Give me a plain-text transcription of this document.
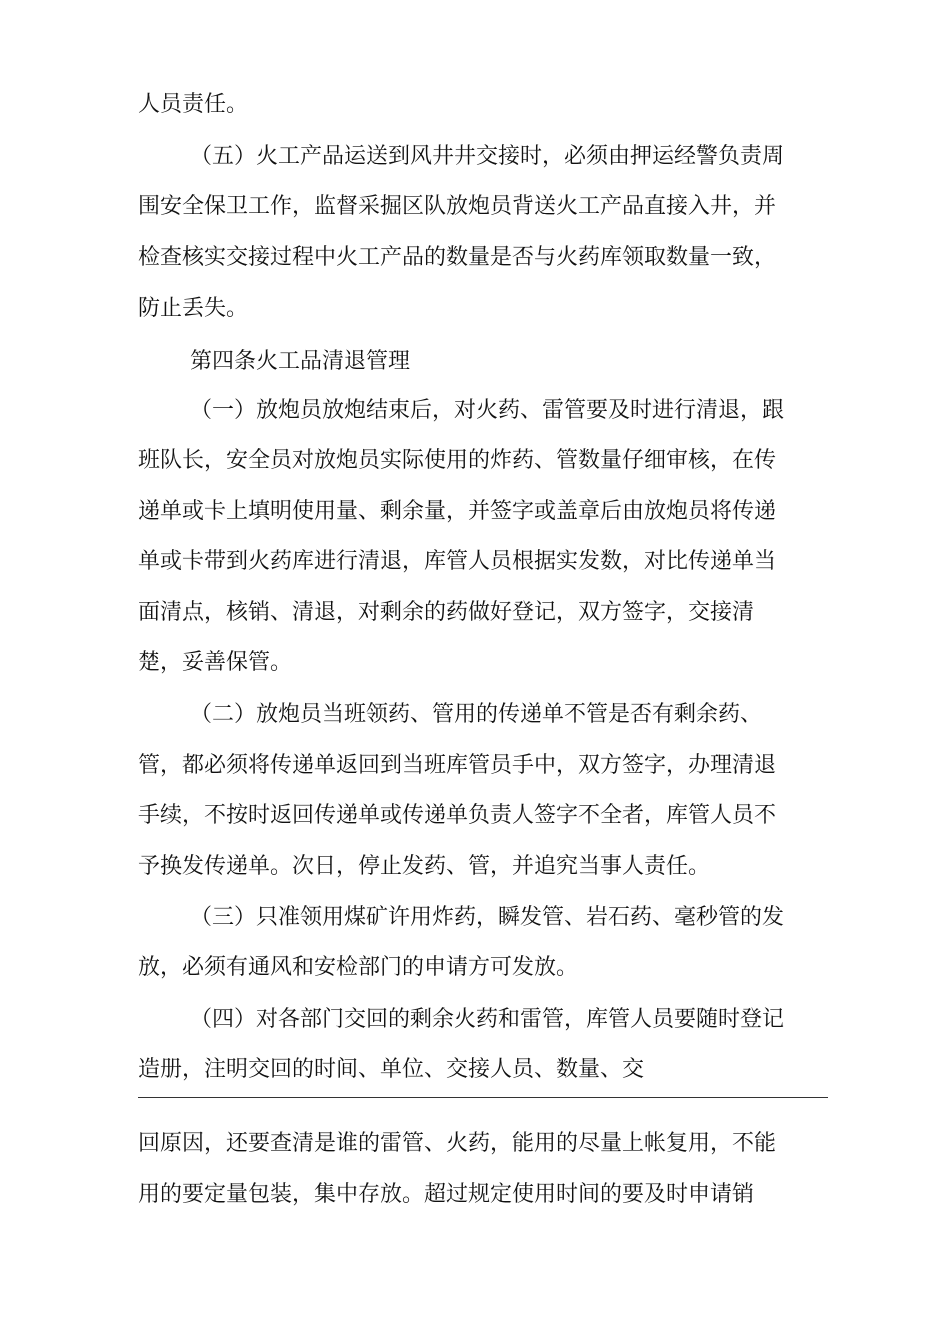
人员责任。
（五）火工产品运送到风井井交接时，必须由押运经警负责周
围安全保卫工作，监督采掘区队放炮员背送火工产品直接入井，并
检查核实交接过程中火工产品的数量是否与火药库领取数量一致，
防止丢失。
第四条火工品清退管理
（一）放炮员放炮结束后，对火药、雷管要及时进行清退，跟
班队长，安全员对放炮员实际使用的炸药、管数量仔细审核，在传
递单或卡上填明使用量、剩余量，并签字或盖章后由放炮员将传递
单或卡带到火药库进行清退，库管人员根据实发数，对比传递单当
面清点，核销、清退，对剩余的药做好登记，双方签字，交接清
楚，妥善保管。
（二）放炮员当班领药、管用的传递单不管是否有剩余药、
管，都必须将传递单返回到当班库管员手中，双方签字，办理清退
手续，不按时返回传递单或传递单负责人签字不全者，库管人员不
予换发传递单。次日，停止发药、管，并追究当事人责任。
（三）只准领用煤矿许用炸药，瞬发管、岩石药、毫秒管的发
放，必须有通风和安检部门的申请方可发放。
（四）对各部门交回的剩余火药和雷管，库管人员要随时登记
造册，注明交回的时间、单位、交接人员、数量、交
回原因，还要查清是谁的雷管、火药，能用的尽量上帐复用，不能
用的要定量包装，集中存放。超过规定使用时间的要及时申请销
